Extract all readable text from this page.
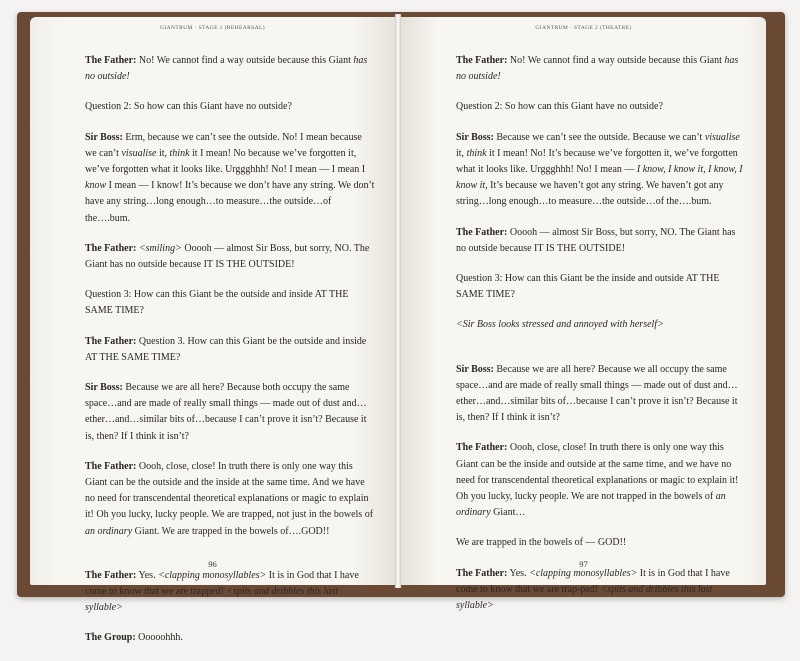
GIANTRUM · STAGE 1 (REHEARSAL)

The Father: No! We cannot find a way outside because this Giant has no outside!

Question 2: So how can this Giant have no outside?

Sir Boss: Erm, because we can’t see the outside. No! I mean because we can’t visualise it, think it I mean! No because we’ve forgotten it, we’ve forgotten what it looks like. Urggghhh! No! I mean — I mean I know I mean — I know! It’s because we don’t have any string. We don’t have any string…long enough…to measure…the outside…of the….bum.

The Father: <smiling> Ooooh — almost Sir Boss, but sorry, NO. The Giant has no outside because IT IS THE OUTSIDE!

Question 3: How can this Giant be the outside and inside AT THE SAME TIME?

The Father: Question 3. How can this Giant be the outside and inside AT THE SAME TIME?

Sir Boss: Because we are all here? Because both occupy the same space…and are made of really small things — made out of dust and…ether…and…similar bits of…because I can’t prove it isn’t? Because it is, then? If I think it isn’t?

The Father: Oooh, close, close! In truth there is only one way this Giant can be the outside and the inside at the same time. And we have no need for transcendental theoretical explanations or magic to explain it! Oh you lucky, lucky people. We are trapped, not just in the bowels of an ordinary Giant. We are trapped in the bowels of….GOD!!

The Father: Yes. <clapping monosyllables> It is in God that I have come to know that we are trapped! <spits and dribbles this last syllable>

The Group: Ooooohhh.

96
GIANTRUM · STAGE 2 (THEATRE)

The Father: No! We cannot find a way outside because this Giant has no outside!

Question 2: So how can this Giant have no outside?

Sir Boss: Because we can’t see the outside. Because we can’t visualise it, think it I mean! No! It’s because we’ve forgotten it, we’ve forgotten what it looks like. Urggghhh! No! I mean — I know, I know it, I know, I know it, It’s because we haven’t got any string. We haven’t got any string…long enough…to measure…the outside…of the….bum.

The Father: Ooooh — almost Sir Boss, but sorry, NO. The Giant has no outside because IT IS THE OUTSIDE!

Question 3: How can this Giant be the inside and outside AT THE SAME TIME?

<Sir Boss looks stressed and annoyed with herself>

Sir Boss: Because we are all here? Because we all occupy the same space…and are made of really small things — made out of dust and…ether…and…similar bits of…because I can’t prove it isn’t? Because it is, then? If I think it isn’t?

The Father: Oooh, close, close! In truth there is only one way this Giant can be the inside and outside at the same time, and we have no need for transcendental theoretical explanations or magic to explain it! Oh you lucky, lucky people. We are not trapped in the bowels of an ordinary Giant…

We are trapped in the bowels of — GOD!!

The Father: Yes. <clapping monosyllables> It is in God that I have come to know that we are trap-ped! <spits and dribbles this last syllable>

97
